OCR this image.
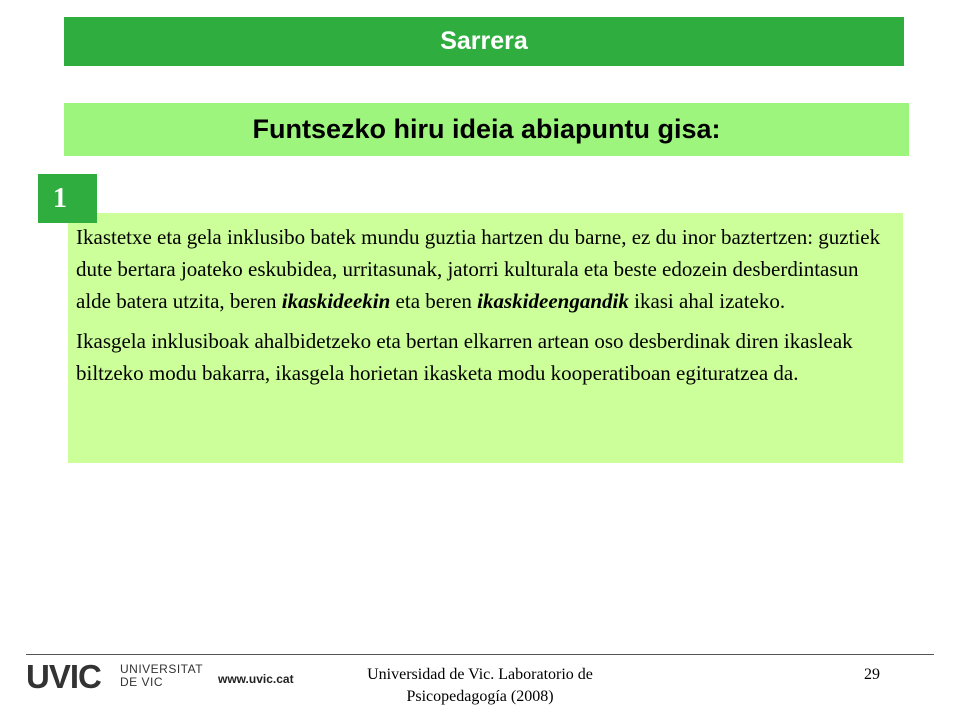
Sarrera
Funtsezko hiru ideia abiapuntu gisa:

Ikastetxe eta gela inklusibo batek mundu guztia hartzen du barne, ez du inor baztertzen: guztiek dute bertara joateko eskubidea, urritasunak, jatorri kulturala eta beste edozein desberdintasun alde batera utzita, beren ikaskideekin eta beren ikaskideengandik ikasi ahal izateko.

Ikasgela inklusiboak ahalbidetzeko eta bertan elkarren artean oso desberdinak diren ikasleak biltzeko modu bakarra, ikasgela horietan ikasketa modu kooperatiboan egituratzea da.

1
UVIC UNIVERSITAT
DE VIC	www.uvic.cat	Universidad de Vic. Laboratorio de
Psicopedagogía (2008)
29
